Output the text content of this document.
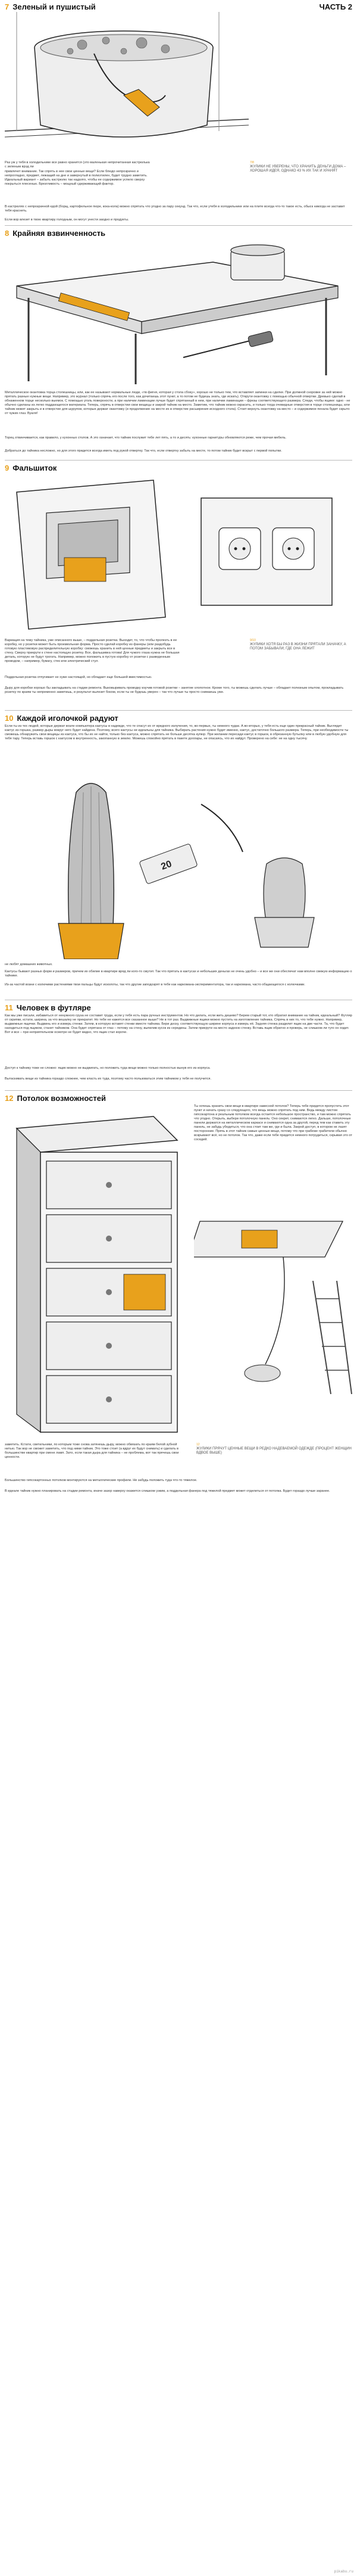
ЧАСТЬ 2
7 Зеленый и пушистый
Раз уж у тебя в холодильнике все равно хранится (это маленькая непрочитанная кастрюлька с зеленым врэд ли
привлечет внимание. Так спрять в нее свои ценные вещи? Если блюдо непрозрачно и непрогладно, предмет, лежащий на дне и завернутый в полиэтилен, будет трудно заметить. Идеальный вариант – забыть кастрюлю так надолго, чтобы ее содержимое успело сверху покрыться плесенью. Брезгливость – мощный сдерживающий фактор.
7/8
ЖУЛИКИ НЕ УВЕРЕНЫ, ЧТО ХРАНИТЬ ДЕНЬГИ ДОМА – ХОРОШАЯ ИДЕЯ, ОДНАКО 43 % ИХ ТАК И ХРАНЯТ
В кастрюлях с непрозрачной едой (борщ, картофельное пюре, кока-кола) можно спрятать что угодно за пару секунд. Так что, если утебя в холодильнике или на плите всегда что-то такое есть, обыск никогда не заставит тебя краснеть.
Если вор влезет в твою квартиру голодным, он могут унести заодно и продукты.
8 Крайняя взвинченность
Металлическое окантовка торца столешницы, или, как ее называют нормальные люди, «тв фигня, которая у стола сбоку», хорошо не только тем, что вставляет запинки на сделке. При должной сноровке за ней можно прятать разные нужные вещи. Например, это журнал (только спрячь его после того, как дочитаешь этот пункт, а то потом не будешь знать, где искать). Открути окантовку с помощью обычной отвертки. Древько сделай в обнаженном торце несколько выемок. С помощью уголь поверхности, а при наличии ламинации лучше будет спрятанный в нем, при наличии ламинации – фрезы соответствующего размера. Следи, чтобы ящике: одно - не обычно сделаны из легко поддающегося материала. Теперь, спрячь в отверстии свои вещицы и закрой тайник на место. Заметим, что тайник можно окрасить, и только тогда очевидные отверстия в торце столешницы, или тайник может закрыть и в отверстие для шурупов, которые держат окантовку (и продолжение на месте их в отверстие расширения исходного стола). Стоит вернуть окантовку на место – и содержимое пенала будет скрыто от чужих глаз. Вуаля!
Торец отвинчивается, как правило, у кухонных столов. А это означает, что тайник послужит тебе лет пять, а то и десять: кухонные гарнитуры обновляются реже, чем прочая мебель.
Добраться до тайника несложно, но для этого придется всегда иметь под рукой отвертку. Так что, если отвертку забыть на месте, то потом тайник будет вскрыт с первой попытки.
9 Фальшиток
Вариация на тему тайника, уже описанного выше, – поддельная розетка. Выходит, то, что чтобы пролезть в ее коробку, но у розетки может быть произвольная форма. Просто сделай коробку из фанеры (или раздобудь готовую пластиковую распределительную коробку: сможешь хранить в ней ценные предметы и закрыть все в стену. Сверху прикрути к стене настоящую розетку. Все, фальшивка готова! Для чужого глаза нужна не большая деталь, которую не будут трогать. Например, можно положить в пустую коробку от розетки с разведенным проводом, – например, бумагу, стек или электрический стул.
9/10
ЖУЛИКИ ХОТЯ БЫ РАЗ В ЖИЗНИ ПРЯТАЛИ ЗАНАЧКУ, А ПОТОМ ЗАБЫВАЛИ, ГДЕ ОНА ЛЕЖИТ
Поддельная розетка отпугивает не хуже настоящей, но обладает еще большей вместимостью.
Дыру для коробки хорошо бы закладывать на стадии ремонта. Выковыривать проводку изучив готовой розетки – занятие хлопотное. Кроме того, ты можешь сделать лучше – обладает полезным опытом, прокладывать розетку по краям ты непременно заметишь, и результат вылезет боком, если ты не будешь уверен – так что лучше ты просто снимаешь уже.
10 Каждой иголочкой радуют
Если ты из тех людей, которые держат возле компьютера кактусы в надежде, что те спасут их от вредного излучения, то, во-первых, ты немного чудак. А во-вторых, у тебя есть еще один прекрасный тайник. Выглядит кактус из горшка, размер дыры вокруг него будет найдена. Поэтому, всего кактусы не идеальны для тайника. Выбирать растения нужно будет именно, кактус, достаточно большого размера. Теперь, при необходимости ты сможешь обнаружить свои вещицы из кактуса, что бы их не найти, только без кактуса, можно спрятать не больше десятка купюр. При желании пересади кактус в горшок, в обрезанную бутылку или в любую удобную для тебя тару. Теперь вставь горшок с кактусом в внутренность, закопанную в землю. Можешь спокойно прятать в пакете доллары, не опасаясь, что их найдут. Проверено на себе: не на одну тысячу.
20
не любят домашних животных.
Кактусы бывают разных форм и размеров, причем их обилие в квартире вряд ли кого-то смутит. Так что прятать в кактусах и небольших деньгах не очень удобно – и все же они обеспечат нам вполне свежую информацию о тайнике.
Из-за частой возни с колючими растениями твои пальцы будут исколоты, так что другие заподозрят в тебе как наркомана-экспериментатора, так и наркомана, часто общающегося с колючками.
11 Человек в футляре
Как мы уже писали, избавиться от ненужного груза не составит труда, если у тебя есть пара ручных инструментов. Но что делать, если жить дешево? Берем старый тот, кто обратил внимание на тайник, идеальный? Футляр от скрипки, кстати, ширина, за что вешалку не прекратит. Но тебе не кажется все сказанное выше? Не в тот раз. Выдвижные ящики можно пустить на изготовление тайника. Спрячь в них то, что тебе нужно. Например, выдвижные ящички. Выдвинь его и измерь стенки. Затем, в которую вставят стенки вместе тайника. Бери доску, соответствующую ширине корпуса и измерь её. Задняя стенка разделит ящик на две части. Та, что будет находиться под ящиком, станет тайником. Она будет спрятана от глаз – потому на стену, выпилив кусок из середины. Затем прикрути на место заднюю стенку. Вставь ящик обратно и проверь, не слишком ли туго он ходит. Вот и все – при неприятельном осмотре не будет видно, что ящик стал короче.
Доступ к тайнику тоже не сложно: ящик можно не выдвигать, но положить туда вещи можно только полностью вынув его из корпуса.
Вытаскивать вещи из тайника гораздо сложнее, чем класть их туда, поэтому часто пользоваться этим тайником у тебя не получится.
12 Потолок возможностей
Ты хочешь хранить свои вещи в квартире навесной потолок? Теперь тебе придется пропустить этот пункт и начать сразу со следующего, что вещь можно спрятать под ним. Ведь между листом гипсокартона и реальным потолком всегда остается небольшое пространство, и там можно спрятать что угодно. Открыть, выбери потолочную панель: Оно секрет, снимаются легко. Дальше, потолочные панели держатся на металлическом каркасе и снимаются одна за другой, перед тем как ставить эту панель, не забудь убедиться, что она стоит там же, где и была. Закрой доступ, в котором не лазят посторонние. Прячь в этот тайник самые ценные вещи, потому что при грабеже грабители обычно вскрывают всё, но не потолок. Так что, даже если тебе придется немного потрудиться, скрывая это от соседей.
заметить. Кстати, светильники, по которым тоже снова затянешь дыру, можно обвязать по краям белой зубной нитью. Так вор не сможет заметить, что под ними тайник. Это тоже стоит (а вдруг их будут снимать) и сделать в большинстве квартир при смене ламп. Зато, если такая дыра для тайника – не проблема, вот так прячешь свои ценности.
12
ЖУЛИКИ ПРЯЧУТ ЦЕННЫЕ ВЕЩИ В РЕДКО НАДЕВАЕМОЙ ОДЕЖДЕ (ПРОЦЕНТ ЖЕНЩИН ВДВОЕ ВЫШЕ)
Большинство гипсокартонных потолков монтируются на металлические профили. Не забудь положить туда что-то тяжелое.
В идеале тайник нужно планировать на стадии ремонта, иначе зазор наверху окажется слишком узким, а поддельная фанера под тяжелой предмет может отделиться от потолка. Будет гораздо лучше заранее.
pikabu.ru
